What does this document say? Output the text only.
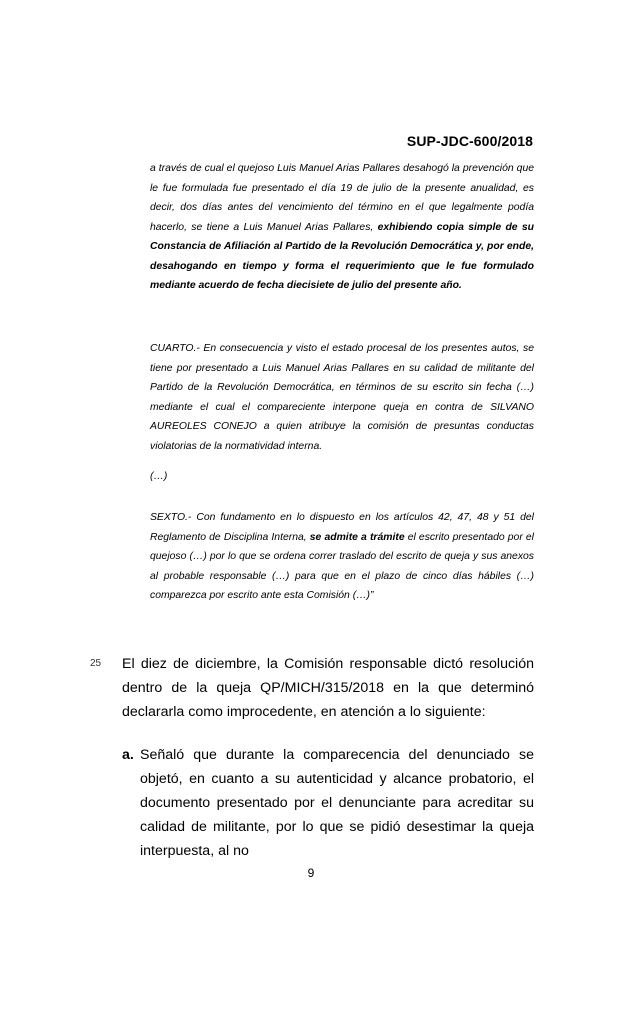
SUP-JDC-600/2018

a través de cual el quejoso Luis Manuel Arias Pallares desahogó la prevención que le fue formulada fue presentado el día 19 de julio de la presente anualidad, es decir, dos días antes del vencimiento del término en el que legalmente podía hacerlo, se tiene a Luis Manuel Arias Pallares, exhibiendo copia simple de su Constancia de Afiliación al Partido de la Revolución Democrática y, por ende, desahogando en tiempo y forma el requerimiento que le fue formulado mediante acuerdo de fecha diecisiete de julio del presente año.

CUARTO.- En consecuencia y visto el estado procesal de los presentes autos, se tiene por presentado a Luis Manuel Arias Pallares en su calidad de militante del Partido de la Revolución Democrática, en términos de su escrito sin fecha (…) mediante el cual el compareciente interpone queja en contra de SILVANO AUREOLES CONEJO a quien atribuye la comisión de presuntas conductas violatorias de la normatividad interna.

(…)

SEXTO.- Con fundamento en lo dispuesto en los artículos 42, 47, 48 y 51 del Reglamento de Disciplina Interna, se admite a trámite el escrito presentado por el quejoso (…) por lo que se ordena correr traslado del escrito de queja y sus anexos al probable responsable (…) para que en el plazo de cinco días hábiles (…) comparezca por escrito ante esta Comisión (…)”

25 El diez de diciembre, la Comisión responsable dictó resolución dentro de la queja QP/MICH/315/2018 en la que determinó declararla como improcedente, en atención a lo siguiente:

a. Señaló que durante la comparecencia del denunciado se objetó, en cuanto a su autenticidad y alcance probatorio, el documento presentado por el denunciante para acreditar su calidad de militante, por lo que se pidió desestimar la queja interpuesta, al no

9
